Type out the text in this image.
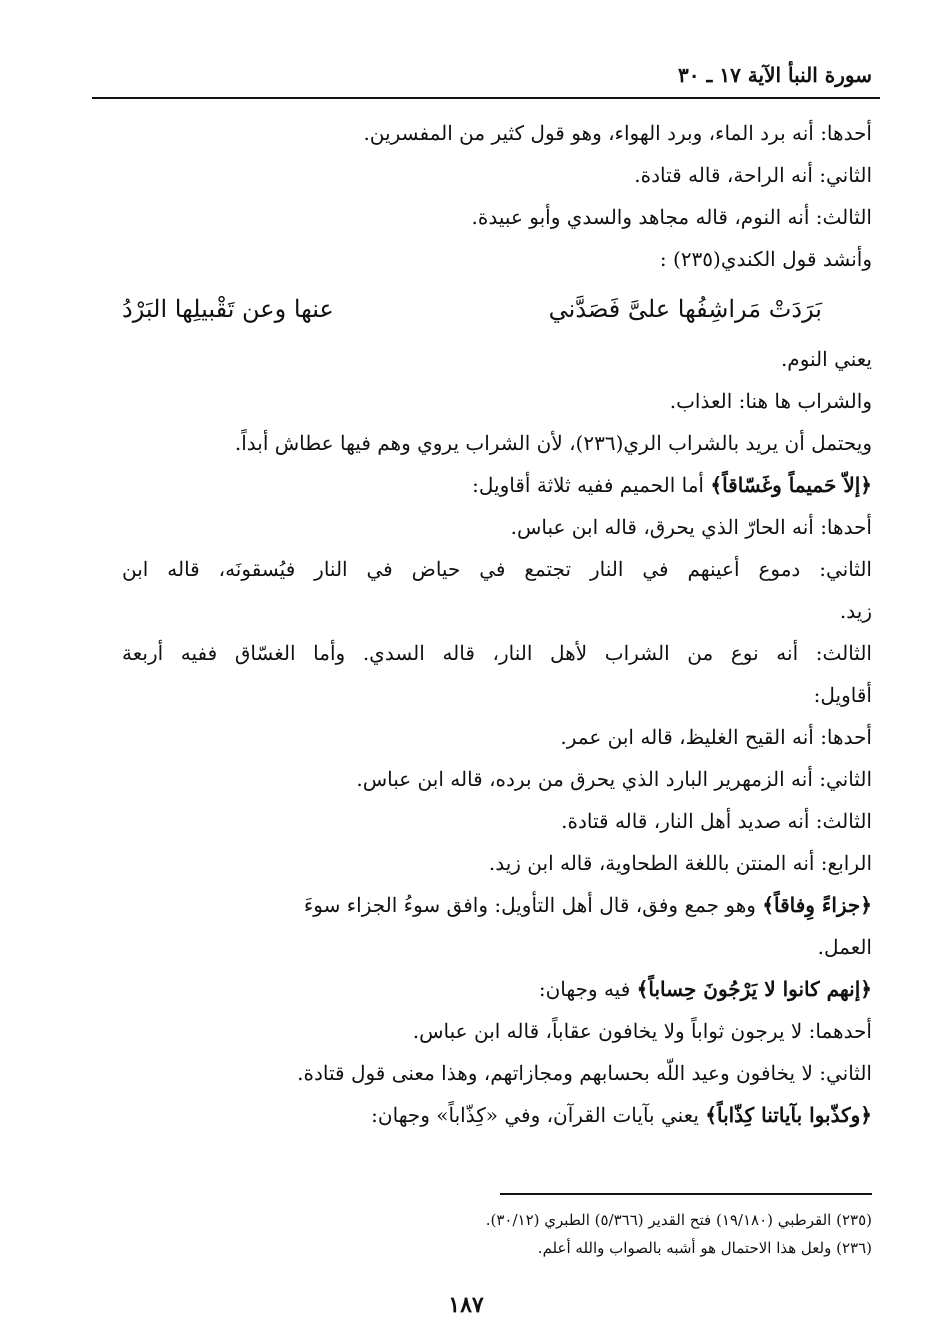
سورة النبأ الآية ١٧ ـ ٣٠
أحدها: أنه برد الماء، وبرد الهواء، وهو قول كثير من المفسرين.
الثاني: أنه الراحة، قاله قتادة.
الثالث: أنه النوم، قاله مجاهد والسدي وأبو عبيدة.
وأنشد قول الكندي(٢٣٥) :
بَرَدَتْ مَراشِفُها علىَّ فَصَدَّني
عنها وعن تَقْبيلِها البَرْدُ
يعني النوم.
والشراب ها هنا: العذاب.
ويحتمل أن يريد بالشراب الري(٢٣٦)، لأن الشراب يروي وهم فيها عطاش أبداً.
﴿إلاّ حَميماً وغَسّاقاً﴾ أما الحميم ففيه ثلاثة أقاويل:
أحدها: أنه الحارّ الذي يحرق، قاله ابن عباس.
الثاني: دموع أعينهم في النار تجتمع في حياض في النار فيُسقونَه، قاله ابن
زيد.
الثالث: أنه نوع من الشراب لأهل النار، قاله السدي. وأما الغسّاق ففيه أربعة
أقاويل:
أحدها: أنه القيح الغليظ، قاله ابن عمر.
الثاني: أنه الزمهرير البارد الذي يحرق من برده، قاله ابن عباس.
الثالث: أنه صديد أهل النار، قاله قتادة.
الرابع: أنه المنتن باللغة الطحاوية، قاله ابن زيد.
﴿جزاءً وِفاقاً﴾ وهو جمع وفق، قال أهل التأويل: وافق سوءُ الجزاء سوءَ
العمل.
﴿إنهم كانوا لا يَرْجُونَ حِساباً﴾ فيه وجهان:
أحدهما: لا يرجون ثواباً ولا يخافون عقاباً، قاله ابن عباس.
الثاني: لا يخافون وعيد اللّه بحسابهم ومجازاتهم، وهذا معنى قول قتادة.
﴿وكذّبوا بآياتنا كِذّاباً﴾ يعني بآيات القرآن، وفي «كِذّاباً» وجهان:
(٢٣٥) القرطبي (١٩/١٨٠) فتح القدير (٥/٣٦٦) الطبري (٣٠/١٢).
(٢٣٦) ولعل هذا الاحتمال هو أشبه بالصواب والله أعلم.
١٨٧
